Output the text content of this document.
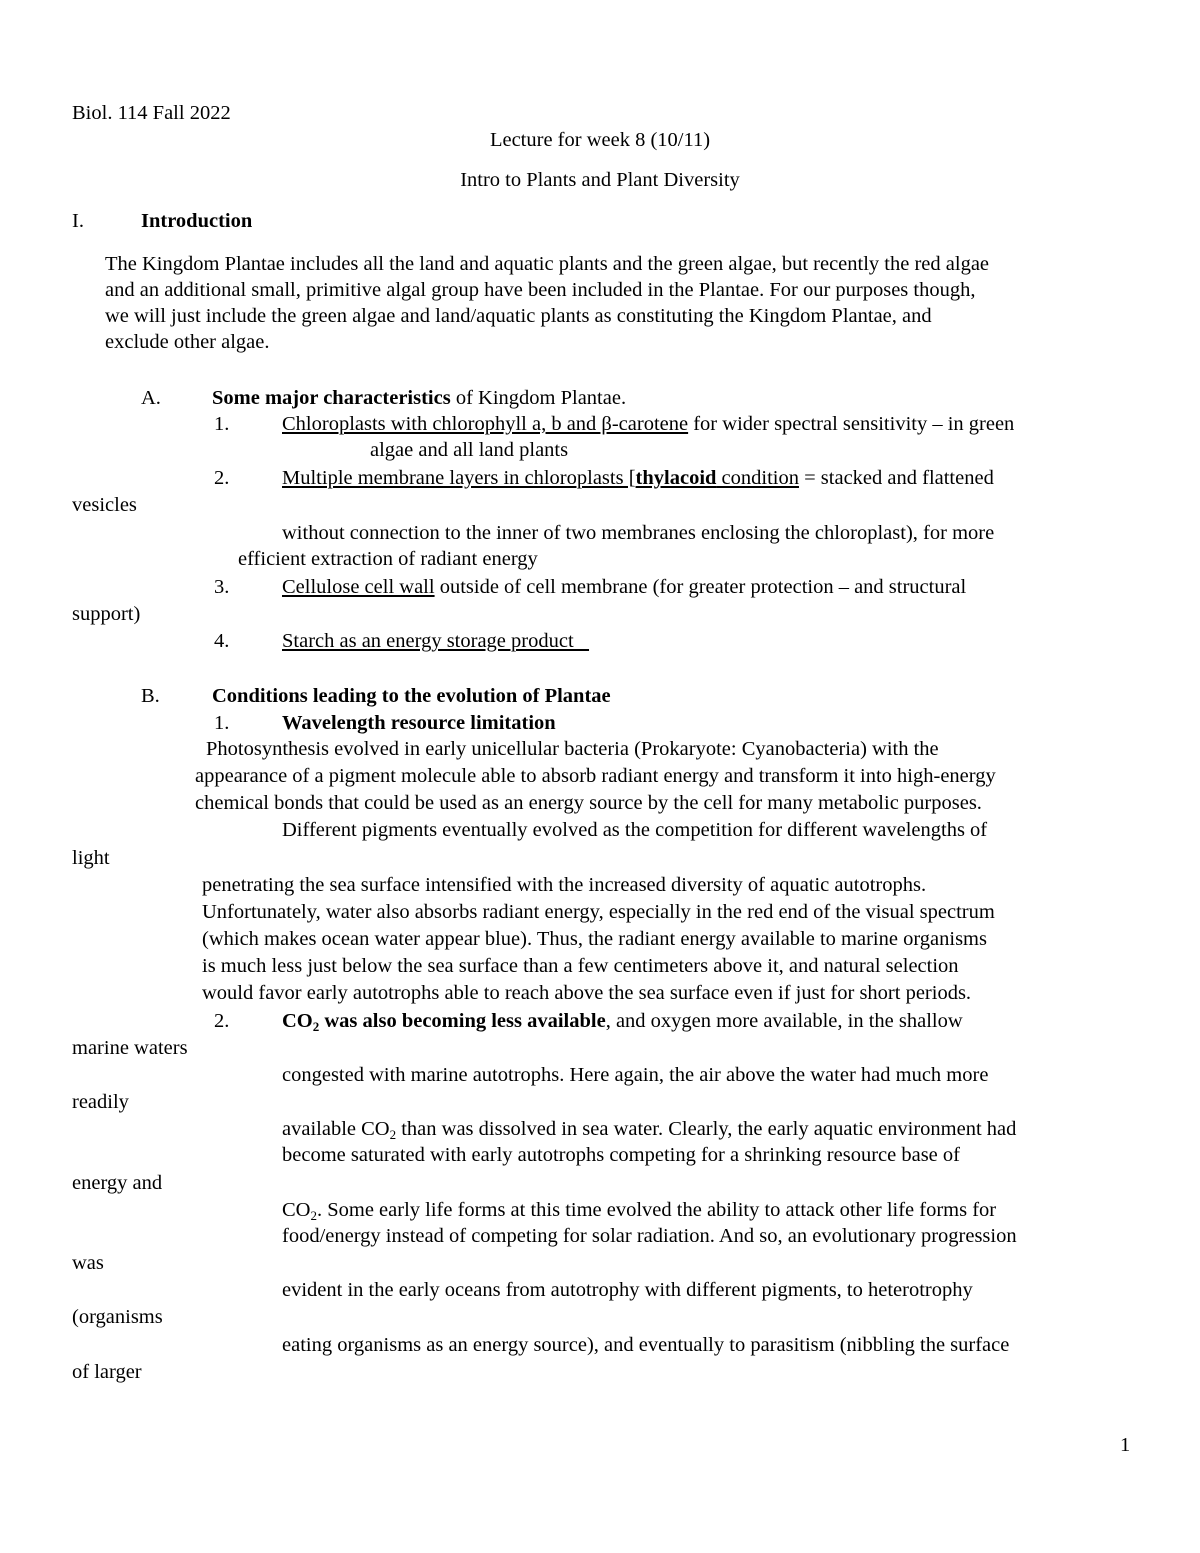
Biol. 114 Fall 2022
Lecture for week 8 (10/11)
Intro to Plants and Plant Diversity
I.	Introduction
The Kingdom Plantae includes all the land and aquatic plants and the green algae, but recently the red algae
and an additional small, primitive algal group have been included in the Plantae. For our purposes though,
we will just include the green algae and land/aquatic plants as constituting the Kingdom Plantae, and
exclude other algae.
A. Some major characteristics of Kingdom Plantae.
1.	Chloroplasts with chlorophyll a, b and β-carotene for wider spectral sensitivity – in green
algae and all land plants
2.	Multiple membrane layers in chloroplasts [thylacoid condition = stacked and flattened
vesicles
without connection to the inner of two membranes enclosing the chloroplast), for more
efficient extraction of radiant energy
3.	Cellulose cell wall outside of cell membrane (for greater protection – and structural
support)
4.	Starch as an energy storage product
B.	Conditions leading to the evolution of Plantae
1.	Wavelength resource limitation
Photosynthesis evolved in early unicellular bacteria (Prokaryote: Cyanobacteria) with the
appearance of a pigment molecule able to absorb radiant energy and transform it into high-energy
chemical bonds that could be used as an energy source by the cell for many metabolic purposes.
Different pigments eventually evolved as the competition for different wavelengths of
light
penetrating the sea surface intensified with the increased diversity of aquatic autotrophs.
Unfortunately, water also absorbs radiant energy, especially in the red end of the visual spectrum
(which makes ocean water appear blue). Thus, the radiant energy available to marine organisms
is much less just below the sea surface than a few centimeters above it, and natural selection
would favor early autotrophs able to reach above the sea surface even if just for short periods.
2.	$CO_2$ was also becoming less available, and oxygen more available, in the shallow
marine waters
congested with marine autotrophs. Here again, the air above the water had much more
readily
available $CO_2$ than was dissolved in sea water. Clearly, the early aquatic environment had
become saturated with early autotrophs competing for a shrinking resource base of
energy and
$CO_2$. Some early life forms at this time evolved the ability to attack other life forms for
food/energy instead of competing for solar radiation. And so, an evolutionary progression
was
evident in the early oceans from autotrophy with different pigments, to heterotrophy
(organisms
eating organisms as an energy source), and eventually to parasitism (nibbling the surface
of larger
1
